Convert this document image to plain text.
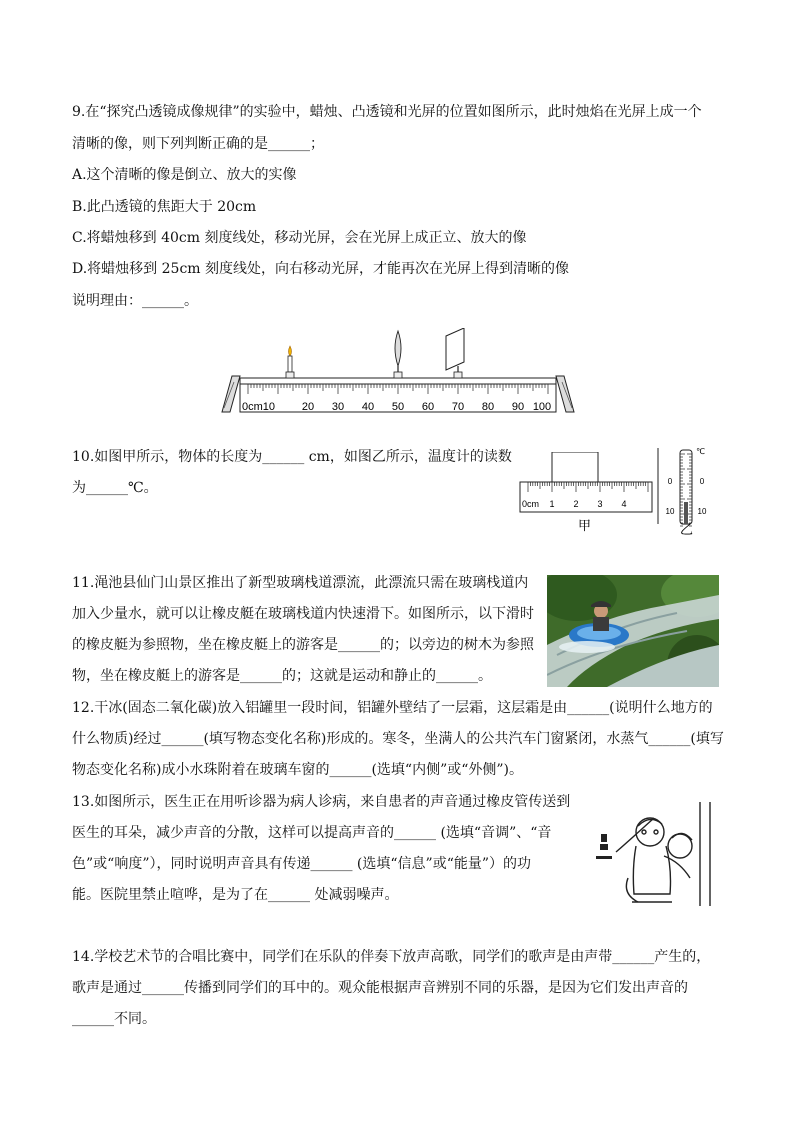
9.在“探究凸透镜成像规律”的实验中，蜡烛、凸透镜和光屏的位置如图所示，此时烛焰在光屏上成一个
清晰的像，则下列判断正确的是______；
A.这个清晰的像是倒立、放大的实像
B.此凸透镜的焦距大于 20cm
C.将蜡烛移到 40cm 刻度线处，移动光屏，会在光屏上成正立、放大的像
D.将蜡烛移到 25cm 刻度线处，向右移动光屏，才能再次在光屏上得到清晰的像
说明理由：______。
0cm10 20 30 40 50 60 70 80 90 100
10.如图甲所示，物体的长度为______ cm，如图乙所示，温度计的读数
为______℃。
0cm 1 2 3 4
甲
℃
0	0
10	10
乙
11.渑池县仙门山景区推出了新型玻璃栈道漂流，此漂流只需在玻璃栈道内
加入少量水，就可以让橡皮艇在玻璃栈道内快速滑下。如图所示，以下滑时
的橡皮艇为参照物，坐在橡皮艇上的游客是______的；以旁边的树木为参照
物，坐在橡皮艇上的游客是______的；这就是运动和静止的______。
12.干冰(固态二氧化碳)放入铝罐里一段时间，铝罐外壁结了一层霜，这层霜是由______(说明什么地方的
什么物质)经过______(填写物态变化名称)形成的。寒冬，坐满人的公共汽车门窗紧闭，水蒸气______(填写
物态变化名称)成小水珠附着在玻璃车窗的______(选填“内侧”或“外侧”)。
13.如图所示，医生正在用听诊器为病人诊病，来自患者的声音通过橡皮管传送到
医生的耳朵，减少声音的分散，这样可以提高声音的______ (选填“音调”、“音
色”或“响度”），同时说明声音具有传递______ (选填“信息”或“能量”）的功
能。医院里禁止喧哗，是为了在______ 处减弱噪声。
14.学校艺术节的合唱比赛中，同学们在乐队的伴奏下放声高歌，同学们的歌声是由声带______产生的，
歌声是通过______传播到同学们的耳中的。观众能根据声音辨别不同的乐器，是因为它们发出声音的
______不同。
